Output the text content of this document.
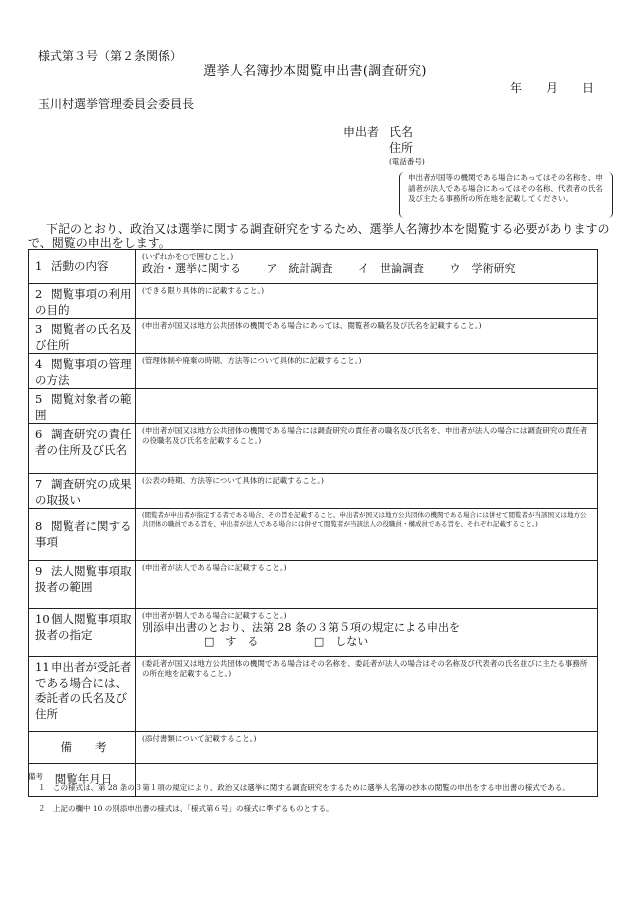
様式第３号（第２条関係）
選挙人名簿抄本閲覧申出書(調査研究)
年 月 日
玉川村選挙管理委員会委員長
申出者 氏名
住所
(電話番号)
申出者が国等の機関である場合にあってはその名称を、申請者が法人である場合にあってはその名称、代表者の氏名及び主たる事務所の所在地を記載してください。
下記のとおり、政治又は選挙に関する調査研究をするため、選挙人名簿抄本を閲覧する必要がありますの
で、閲覧の申出をします。
1 活動の内容	(いずれかを○で囲むこと。)
政治・選挙に関する ア　統計調査 イ　世論調査 ウ　学術研究

2 閲覧事項の利用の目的	(できる限り具体的に記載すること。)

3 閲覧者の氏名及び住所	(申出者が国又は地方公共団体の機関である場合にあっては、閲覧者の職名及び氏名を記載すること。)

4 閲覧事項の管理の方法	(管理体制や廃棄の時期、方法等について具体的に記載すること。)

5 閲覧対象者の範囲	
6 調査研究の責任者の住所及び氏名	(申出者が国又は地方公共団体の機関である場合には調査研究の責任者の職名及び氏名を、申出者が法人の場合には調査研究の責任者の役職名及び氏名を記載すること。)

7 調査研究の成果の取扱い	(公表の時期、方法等について具体的に記載すること。)

8 閲覧者に関する事項	(閲覧者が申出者が指定する者である場合、その旨を記載すること。申出者が国又は地方公共団体の機関である場合には併せて閲覧者が当該国又は地方公共団体の職員である旨を、申出者が法人である場合には併せて閲覧者が当該法人の役職員・構成員である旨を、それぞれ記載すること。)

9 法人閲覧事項取扱者の範囲	(申出者が法人である場合に記載すること。)

10個人閲覧事項取扱者の指定	(申出者が個人である場合に記載すること。)
別添申出書のとおり、法第 28 条の３第５項の規定による申出を
□　す　る □　しない

11申出者が受託者である場合には、委託者の氏名及び住所	(委託者が国又は地方公共団体の機関である場合はその名称を、委託者が法人の場合はその名称及び代表者の氏名並びに主たる事務所の所在地を記載すること。)

備　　考	(添付書類について記載すること。)

閲覧年月日	
備考
１　この様式は、第 28 条の３第１項の規定により、政治又は選挙に関する調査研究をするために選挙人名簿の抄本の閲覧の申出をする申出書の様式である。
２　上記の欄中 10 の別添申出書の様式は、「様式第６号」の様式に準ずるものとする。
